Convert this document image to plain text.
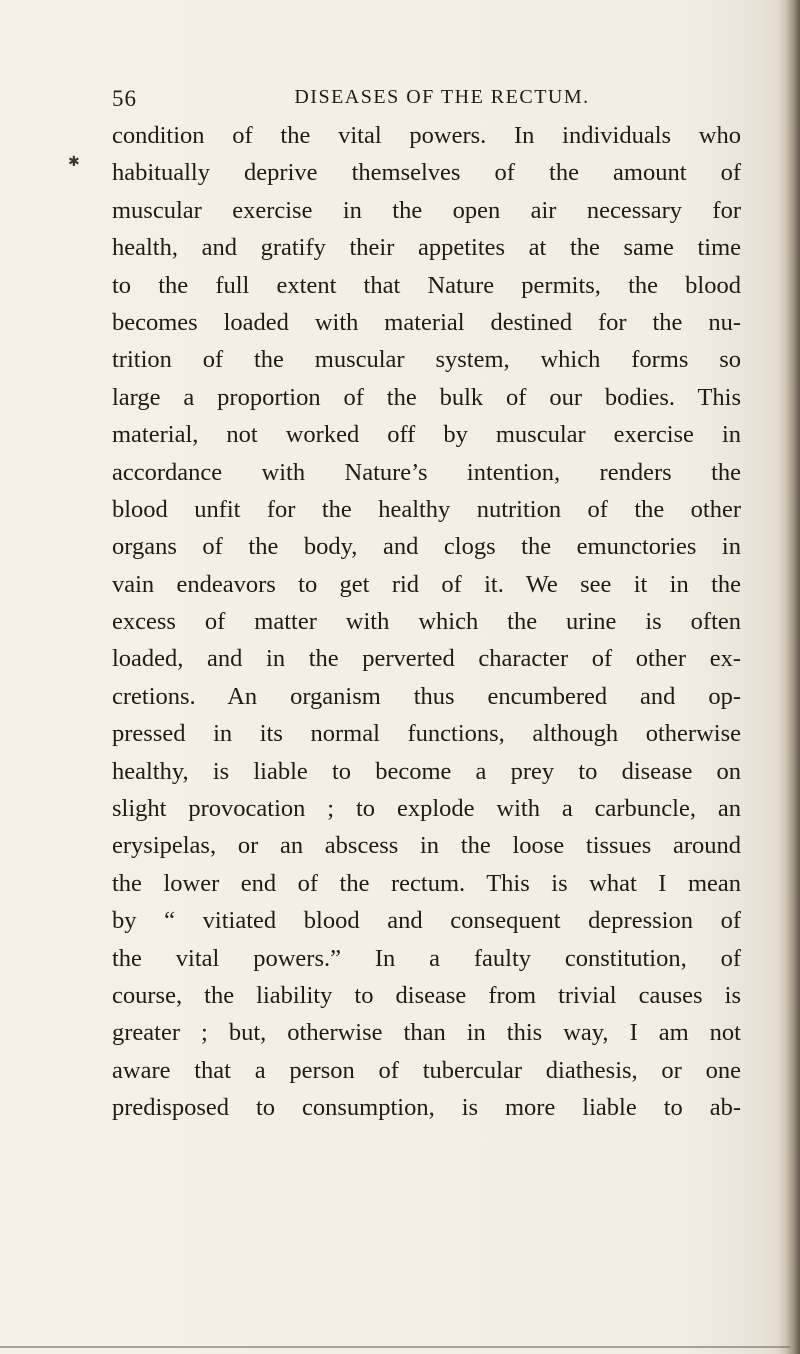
56	DISEASES OF THE RECTUM.
✱
condition of the vital powers. In individuals who
habitually deprive themselves of the amount of
muscular exercise in the open air necessary for
health, and gratify their appetites at the same time
to the full extent that Nature permits, the blood
becomes loaded with material destined for the nu-
trition of the muscular system, which forms so
large a proportion of the bulk of our bodies. This
material, not worked off by muscular exercise in
accordance with Nature’s intention, renders the
blood unfit for the healthy nutrition of the other
organs of the body, and clogs the emunctories in
vain endeavors to get rid of it. We see it in the
excess of matter with which the urine is often
loaded, and in the perverted character of other ex-
cretions. An organism thus encumbered and op-
pressed in its normal functions, although otherwise
healthy, is liable to become a prey to disease on
slight provocation ; to explode with a carbuncle, an
erysipelas, or an abscess in the loose tissues around
the lower end of the rectum. This is what I mean
by “ vitiated blood and consequent depression of
the vital powers.” In a faulty constitution, of
course, the liability to disease from trivial causes is
greater ; but, otherwise than in this way, I am not
aware that a person of tubercular diathesis, or one
predisposed to consumption, is more liable to ab-
